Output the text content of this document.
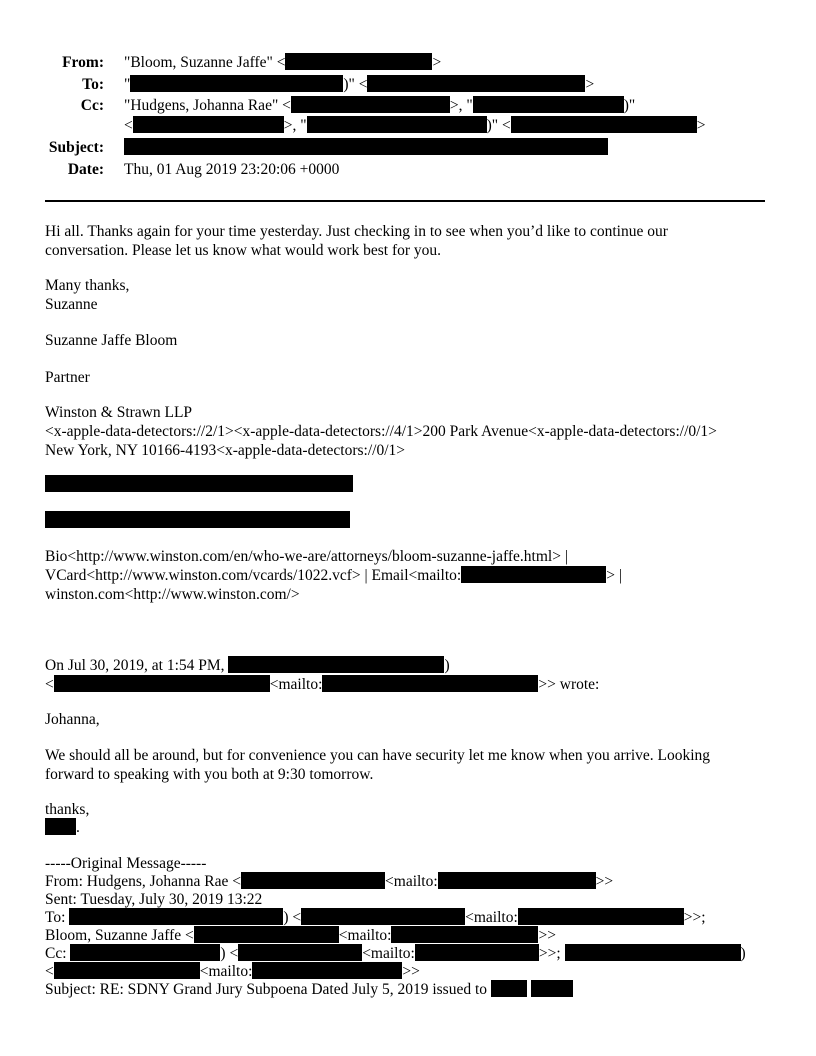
From: "Bloom, Suzanne Jaffe" <	>
To: "	)" <	>
Cc: "Hudgens, Johanna Rae" <	>, "	)"
<	>, "	)" <	>
Subject:
Date: Thu, 01 Aug 2019 23:20:06 +0000
Hi all. Thanks again for your time yesterday. Just checking in to see when you’d like to continue our
conversation. Please let us know what would work best for you.
Many thanks,
Suzanne
Suzanne Jaffe Bloom
Partner
Winston & Strawn LLP
<x-apple-data-detectors://2/1><x-apple-data-detectors://4/1>200 Park Avenue<x-apple-data-detectors://0/1>
New York, NY 10166-4193<x-apple-data-detectors://0/1>
Bio<http://www.winston.com/en/who-we-are/attorneys/bloom-suzanne-jaffe.html> |
VCard<http://www.winston.com/vcards/1022.vcf> | Email<mailto:	> |
winston.com<http://www.winston.com/>
On Jul 30, 2019, at 1:54 PM,	)
<	<mailto:	>> wrote:
Johanna,
We should all be around, but for convenience you can have security let me know when you arrive. Looking
forward to speaking with you both at 9:30 tomorrow.
thanks,
.
-----Original Message-----
From: Hudgens, Johanna Rae <	<mailto:	>>
Sent: Tuesday, July 30, 2019 13:22
To:	) <	<mailto:	>>;
Bloom, Suzanne Jaffe <	<mailto:	>>
Cc:	) <	<mailto:	>>;	)
<	<mailto:	>>
Subject: RE: SDNY Grand Jury Subpoena Dated July 5, 2019 issued to
